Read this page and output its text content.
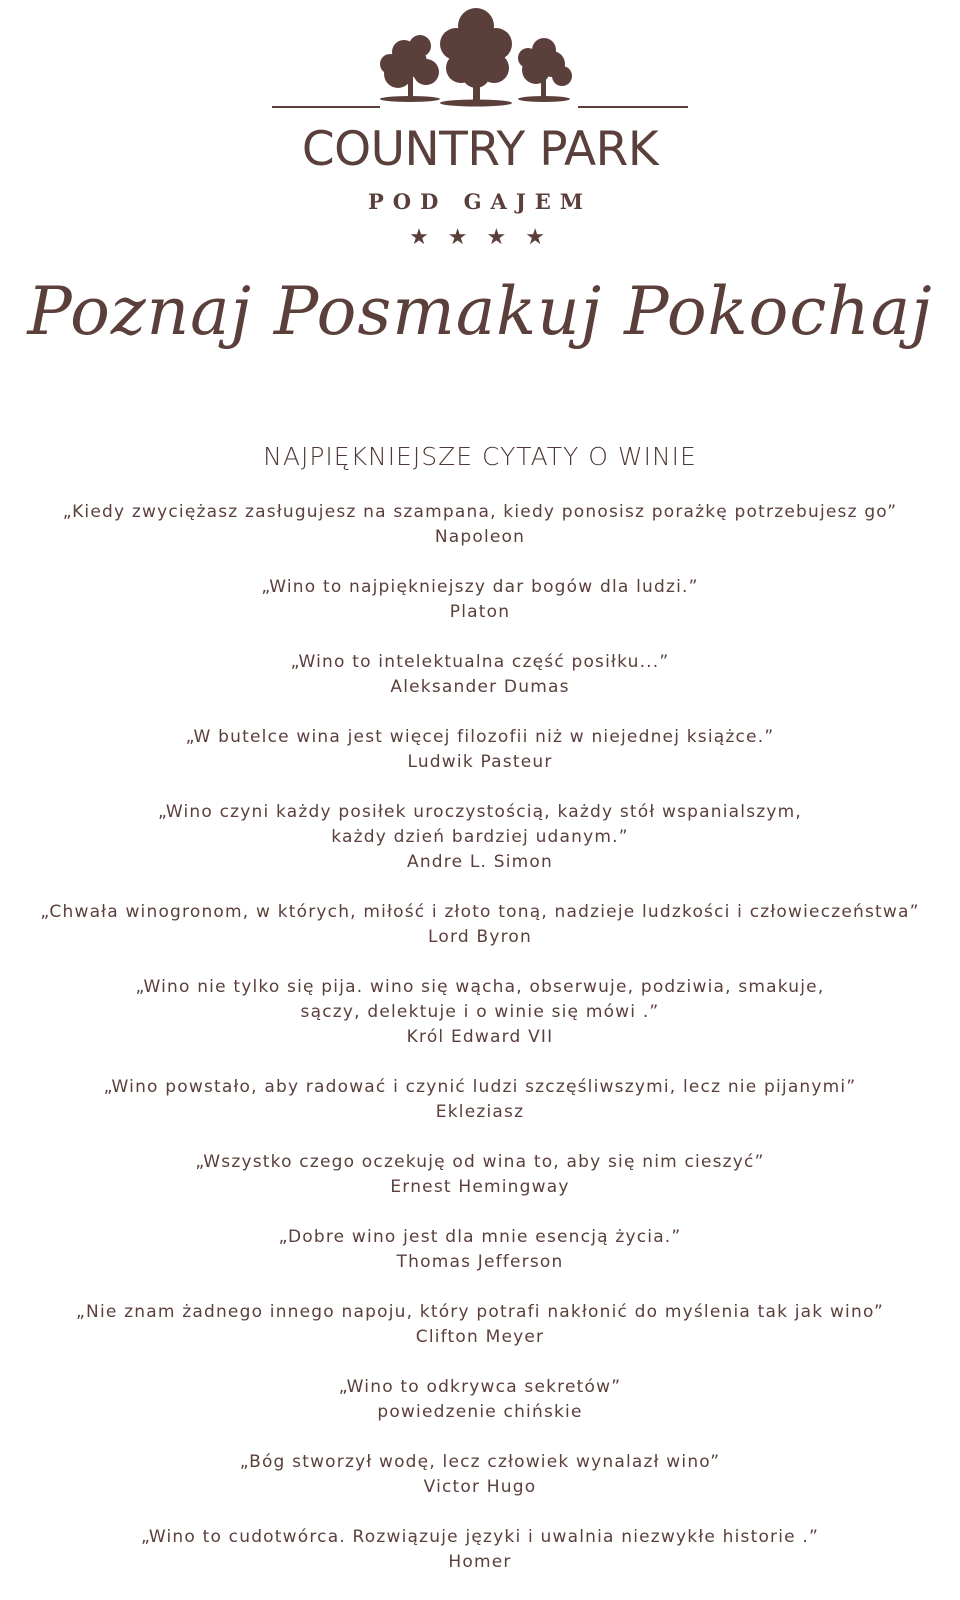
COUNTRY PARK
POD GAJEM
★ ★ ★ ★
Poznaj Posmakuj Pokochaj
NAJPIĘKNIEJSZE CYTATY O WINIE
„Kiedy zwyciężasz zasługujesz na szampana, kiedy ponosisz porażkę potrzebujesz go”
Napoleon
„Wino to najpiękniejszy dar bogów dla ludzi.”
Platon
„Wino to intelektualna część posiłku...”
Aleksander Dumas
„W butelce wina jest więcej filozofii niż w niejednej książce.”
Ludwik Pasteur
„Wino czyni każdy posiłek uroczystością, każdy stół wspanialszym,
każdy dzień bardziej udanym.”
Andre L. Simon
„Chwała winogronom, w których, miłość i złoto toną, nadzieje ludzkości i człowieczeństwa”
Lord Byron
„Wino nie tylko się pija. wino się wącha, obserwuje, podziwia, smakuje,
sączy, delektuje i o winie się mówi .”
Król Edward VII
„Wino powstało, aby radować i czynić ludzi szczęśliwszymi, lecz nie pijanymi”
Ekleziasz
„Wszystko czego oczekuję od wina to, aby się nim cieszyć”
Ernest Hemingway
„Dobre wino jest dla mnie esencją życia.”
Thomas Jefferson
„Nie znam żadnego innego napoju, który potrafi nakłonić do myślenia tak jak wino”
Clifton Meyer
„Wino to odkrywca sekretów”
powiedzenie chińskie
„Bóg stworzył wodę, lecz człowiek wynalazł wino”
Victor Hugo
„Wino to cudotwórca. Rozwiązuje języki i uwalnia niezwykłe historie .”
Homer
